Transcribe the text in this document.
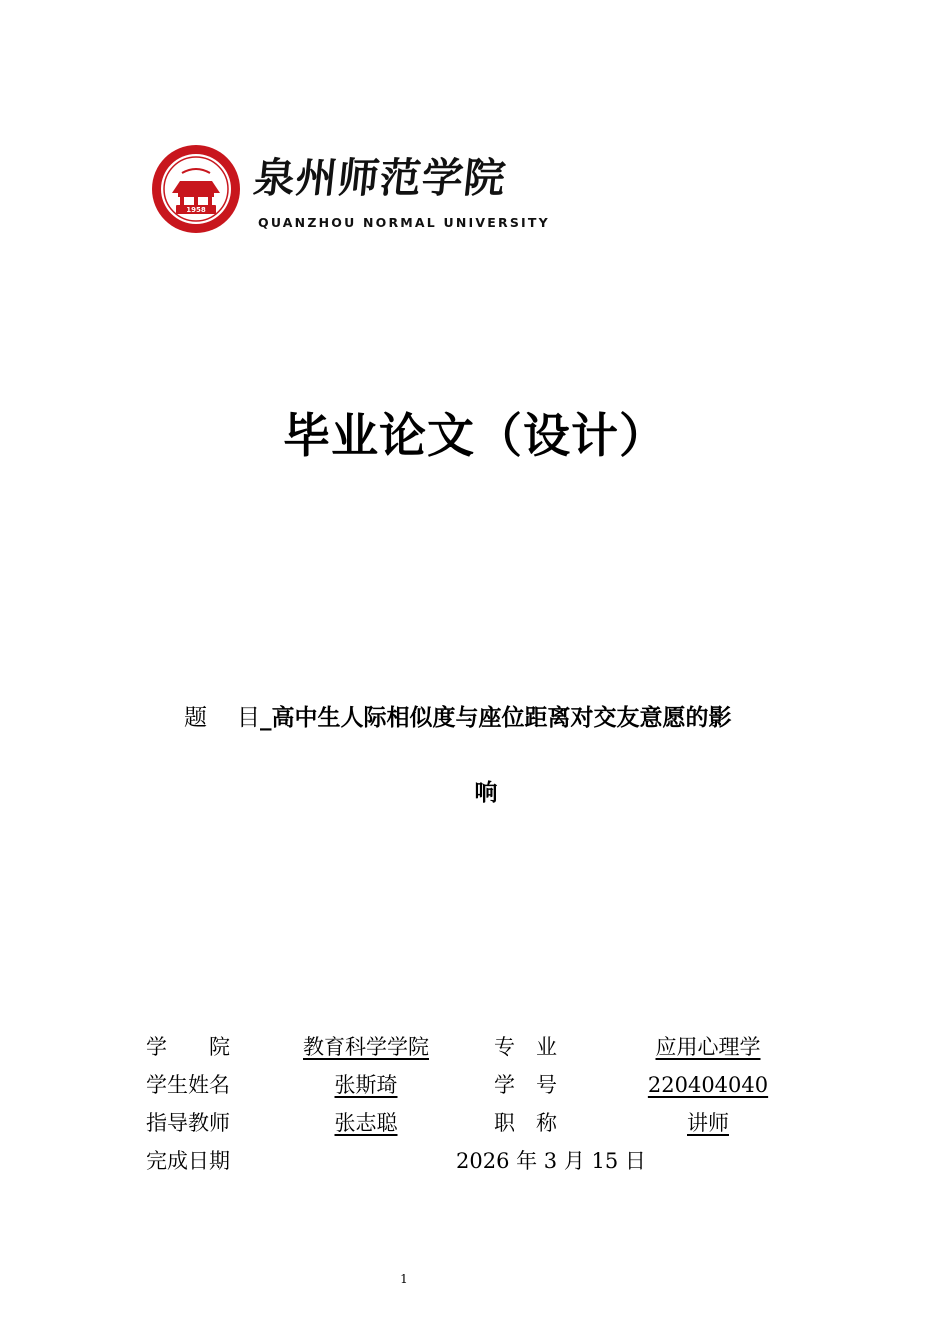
1958
泉州师范学院
QUANZHOU NORMAL UNIVERSITY
毕业论文（设计）
题 目_高中生人际相似度与座位距离对交友意愿的影
响
学　　院	教育科学学院	专　业	应用心理学
学生姓名	张斯琦	学　号	220404040
指导教师	张志聪	职　称	讲师
完成日期	2026 年 3 月 15 日
1
